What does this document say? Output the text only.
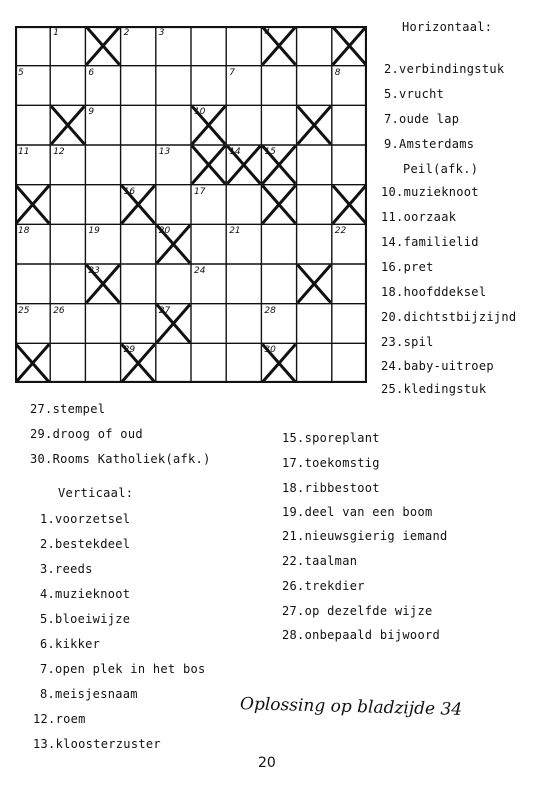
1	2	3	4
5	6	7	8
9	10
11	12	13	14	15
16	17
18	19	20	21	22
23	24
25	26	27	28
29	30
Horizontaal:
2.verbindingstuk
5.vrucht
7.oude lap
9.Amsterdams
Peil(afk.)
10.muzieknoot
11.oorzaak
14.familielid
16.pret
18.hoofddeksel
20.dichtstbijzijnd
23.spil
24.baby-uitroep
25.kledingstuk
27.stempel
29.droog of oud
30.Rooms Katholiek(afk.)
Verticaal:
1.voorzetsel
2.bestekdeel
3.reeds
4.muzieknoot
5.bloeiwijze
6.kikker
7.open plek in het bos
8.meisjesnaam
12.roem
13.kloosterzuster
15.sporeplant
17.toekomstig
18.ribbestoot
19.deel van een boom
21.nieuwsgierig iemand
22.taalman
26.trekdier
27.op dezelfde wijze
28.onbepaald bijwoord
Oplossing op bladzijde 34
20
